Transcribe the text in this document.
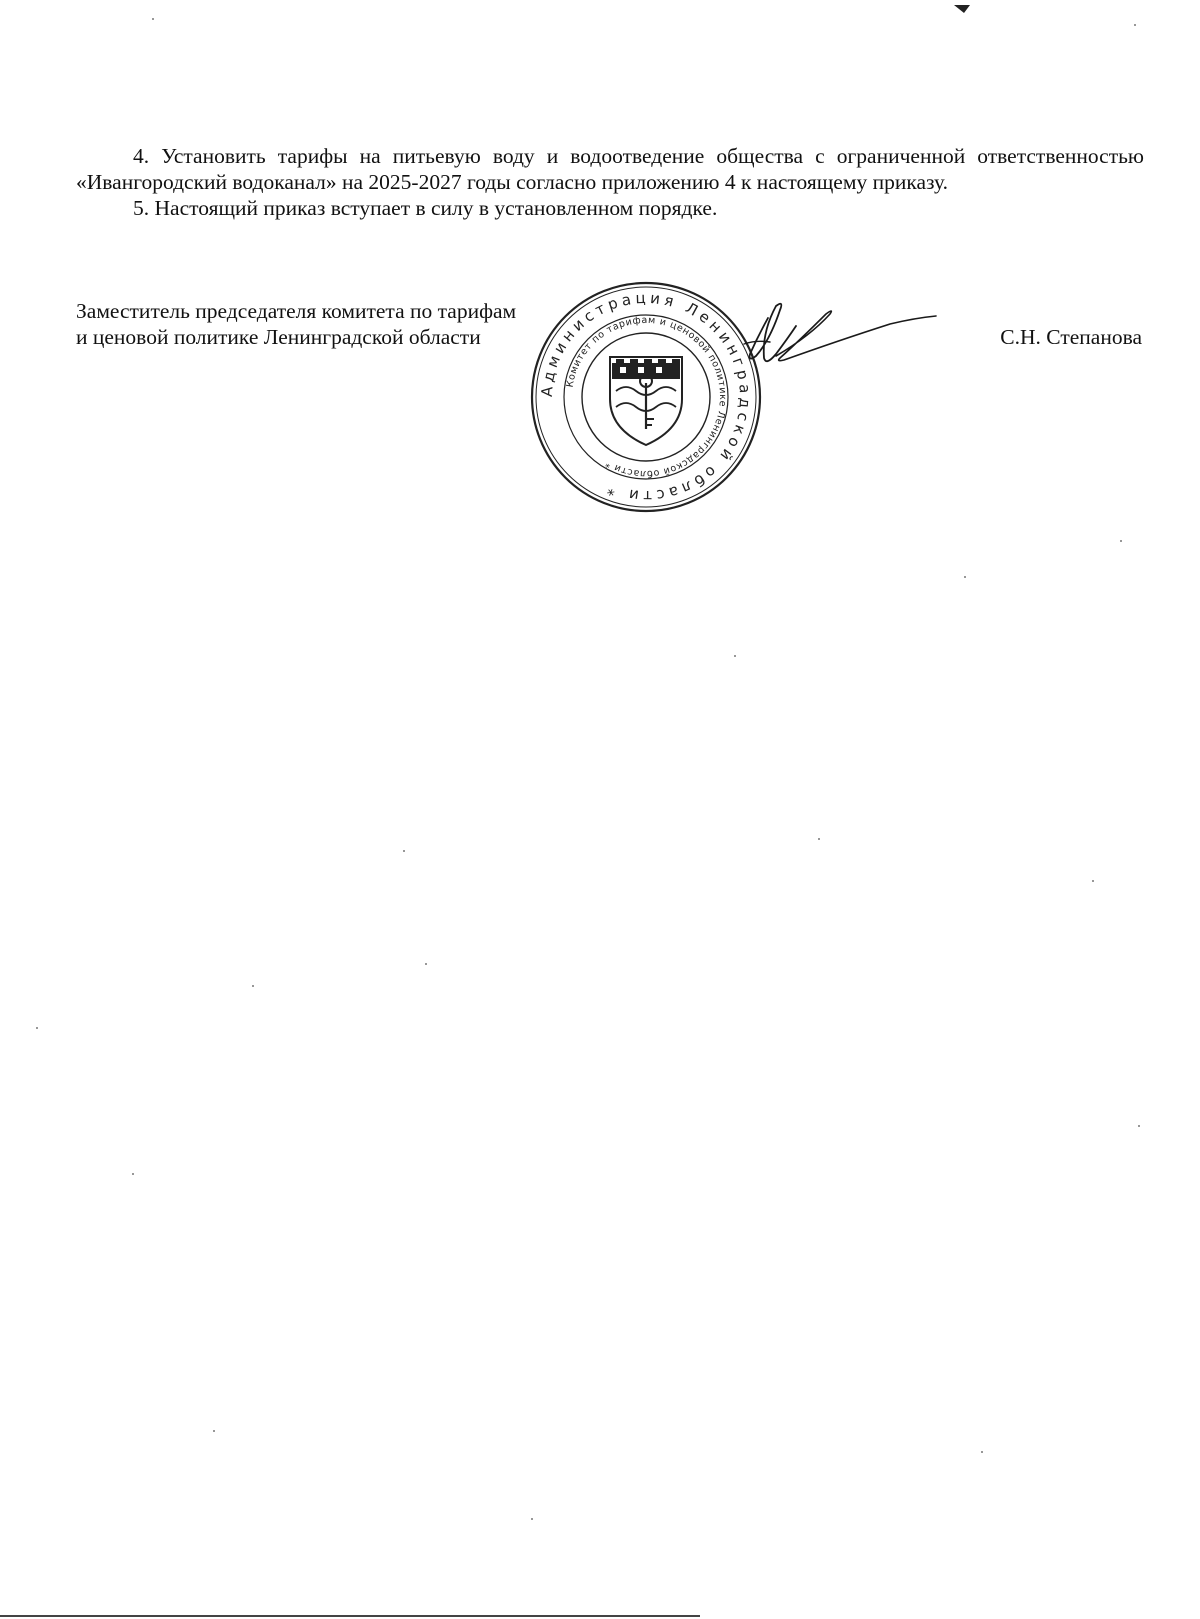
4. Установить тарифы на питьевую воду и водоотведение общества с ограниченной ответственностью «Ивангородский водоканал» на 2025-2027 годы согласно приложению 4 к настоящему приказу.

5. Настоящий приказ вступает в силу в установленном порядке.

Заместитель председателя комитета по тарифам
и ценовой политике Ленинградской области
Администрация Ленинградской области *
Комитет по тарифам и ценовой политике Ленинградской области *
С.Н. Степанова
